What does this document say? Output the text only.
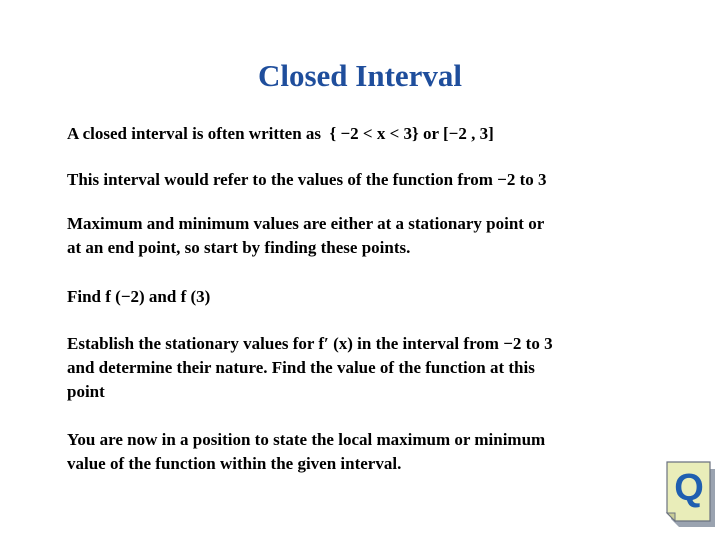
Closed Interval

A closed interval is often written as  { −2 < x < 3} or [−2 , 3]

This interval would refer to the values of the function from −2 to 3

Maximum and minimum values are either at a stationary point or
at an end point, so start by finding these points.

Find f (−2) and f (3)

Establish the stationary values for f′ (x) in the interval from −2 to 3
and determine their nature. Find the value of the function at this
point

You are now in a position to state the local maximum or minimum
value of the function within the given interval.

Q
